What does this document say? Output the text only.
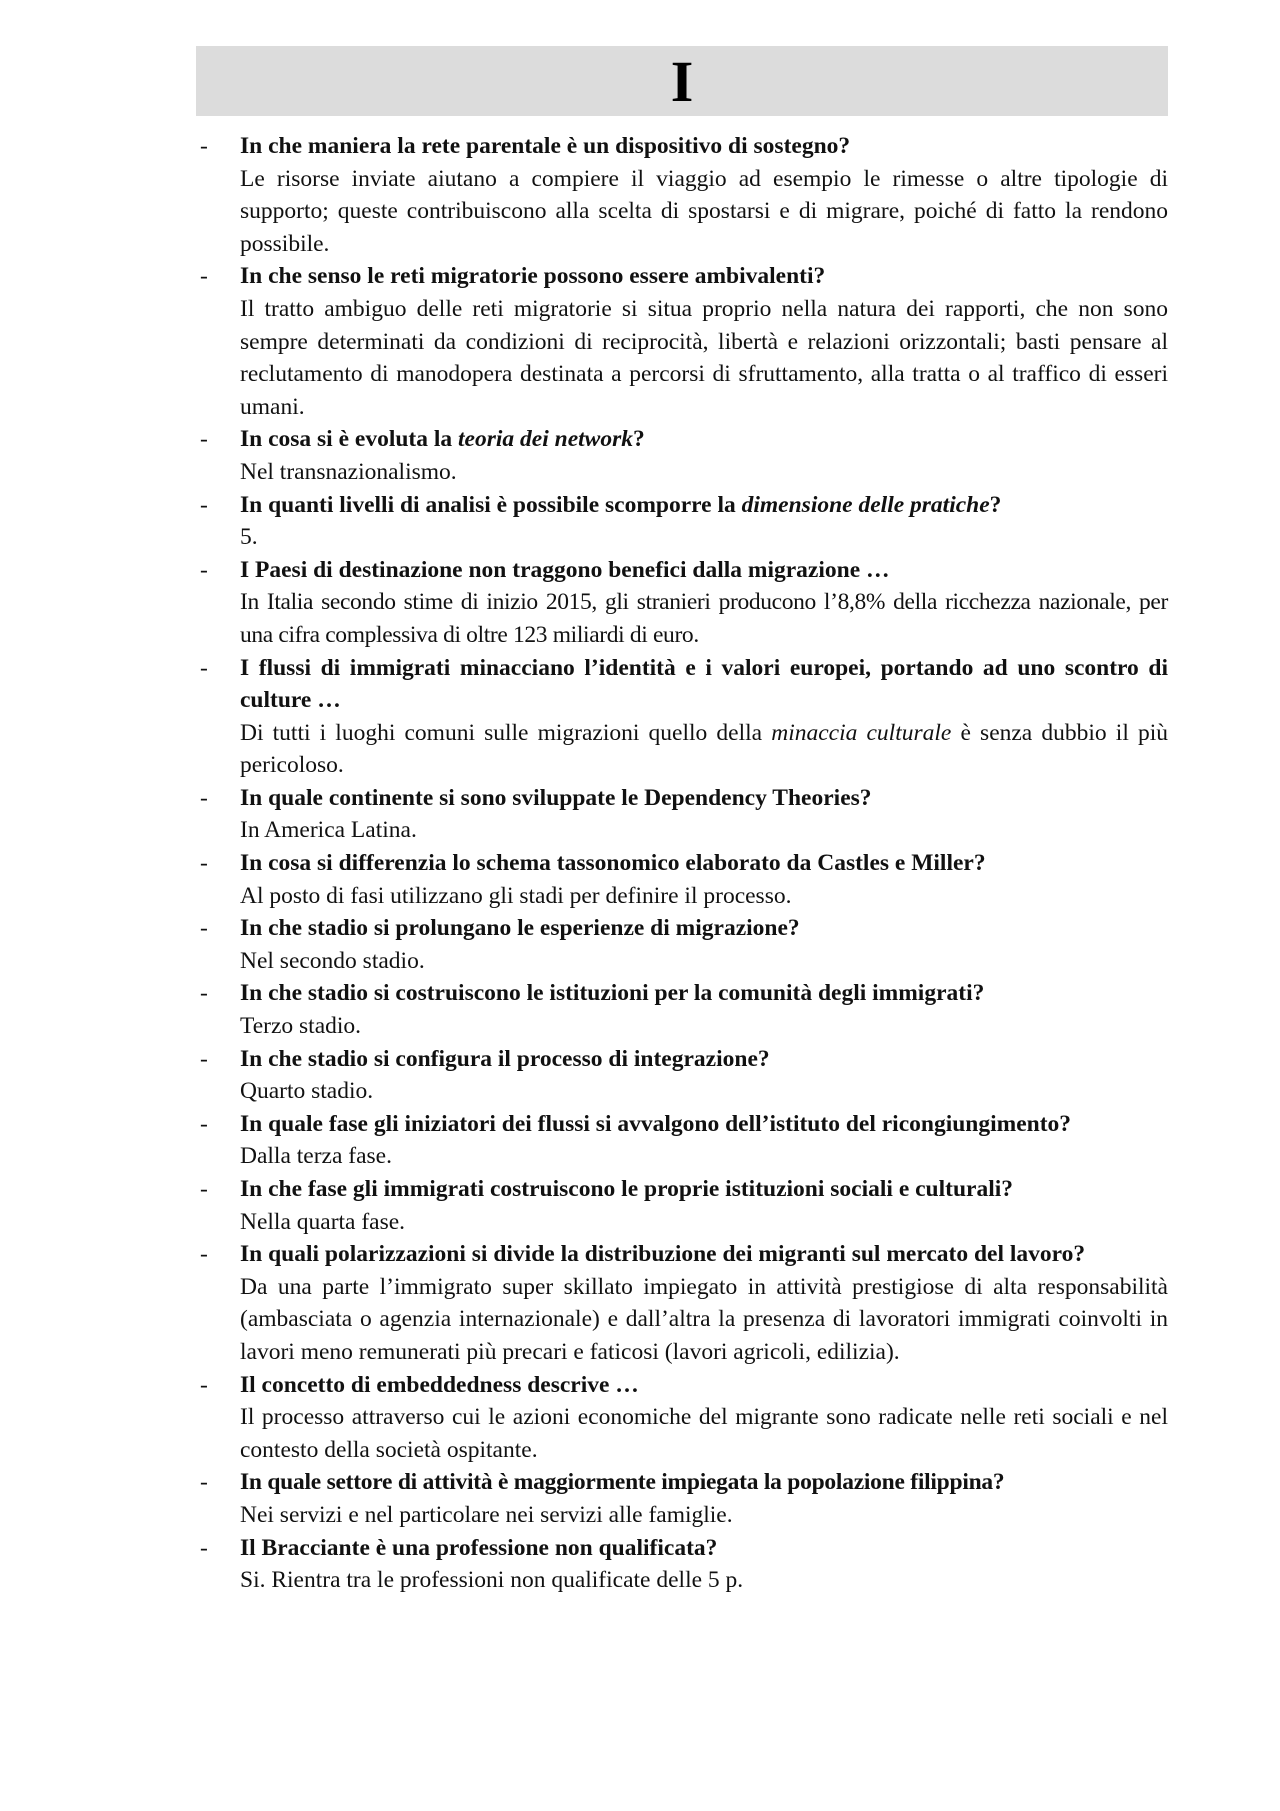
I
- In che maniera la rete parentale è un dispositivo di sostegno?

Le risorse inviate aiutano a compiere il viaggio ad esempio le rimesse o altre tipologie di supporto; queste contribuiscono alla scelta di spostarsi e di migrare, poiché di fatto la rendono possibile.

- In che senso le reti migratorie possono essere ambivalenti?

Il tratto ambiguo delle reti migratorie si situa proprio nella natura dei rapporti, che non sono sempre determinati da condizioni di reciprocità, libertà e relazioni orizzontali; basti pensare al reclutamento di manodopera destinata a percorsi di sfruttamento, alla tratta o al traffico di esseri umani.

- In cosa si è evoluta la teoria dei network?

Nel transnazionalismo.

- In quanti livelli di analisi è possibile scomporre la dimensione delle pratiche?

5.

- I Paesi di destinazione non traggono benefici dalla migrazione …

In Italia secondo stime di inizio 2015, gli stranieri producono l’8,8% della ricchezza nazionale, per una cifra complessiva di oltre 123 miliardi di euro.

- I flussi di immigrati minacciano l’identità e i valori europei, portando ad uno scontro di culture …

Di tutti i luoghi comuni sulle migrazioni quello della minaccia culturale è senza dubbio il più pericoloso.

- In quale continente si sono sviluppate le Dependency Theories?

In America Latina.

- In cosa si differenzia lo schema tassonomico elaborato da Castles e Miller?

Al posto di fasi utilizzano gli stadi per definire il processo.

- In che stadio si prolungano le esperienze di migrazione?

Nel secondo stadio.

- In che stadio si costruiscono le istituzioni per la comunità degli immigrati?

Terzo stadio.

- In che stadio si configura il processo di integrazione?

Quarto stadio.

- In quale fase gli iniziatori dei flussi si avvalgono dell’istituto del ricongiungimento?

Dalla terza fase.

- In che fase gli immigrati costruiscono le proprie istituzioni sociali e culturali?

Nella quarta fase.

- In quali polarizzazioni si divide la distribuzione dei migranti sul mercato del lavoro?

Da una parte l’immigrato super skillato impiegato in attività prestigiose di alta responsabilità (ambasciata o agenzia internazionale) e dall’altra la presenza di lavoratori immigrati coinvolti in lavori meno remunerati più precari e faticosi (lavori agricoli, edilizia).

- Il concetto di embeddedness descrive …

Il processo attraverso cui le azioni economiche del migrante sono radicate nelle reti sociali e nel contesto della società ospitante.

- In quale settore di attività è maggiormente impiegata la popolazione filippina?

Nei servizi e nel particolare nei servizi alle famiglie.

- Il Bracciante è una professione non qualificata?

Si. Rientra tra le professioni non qualificate delle 5 p.
